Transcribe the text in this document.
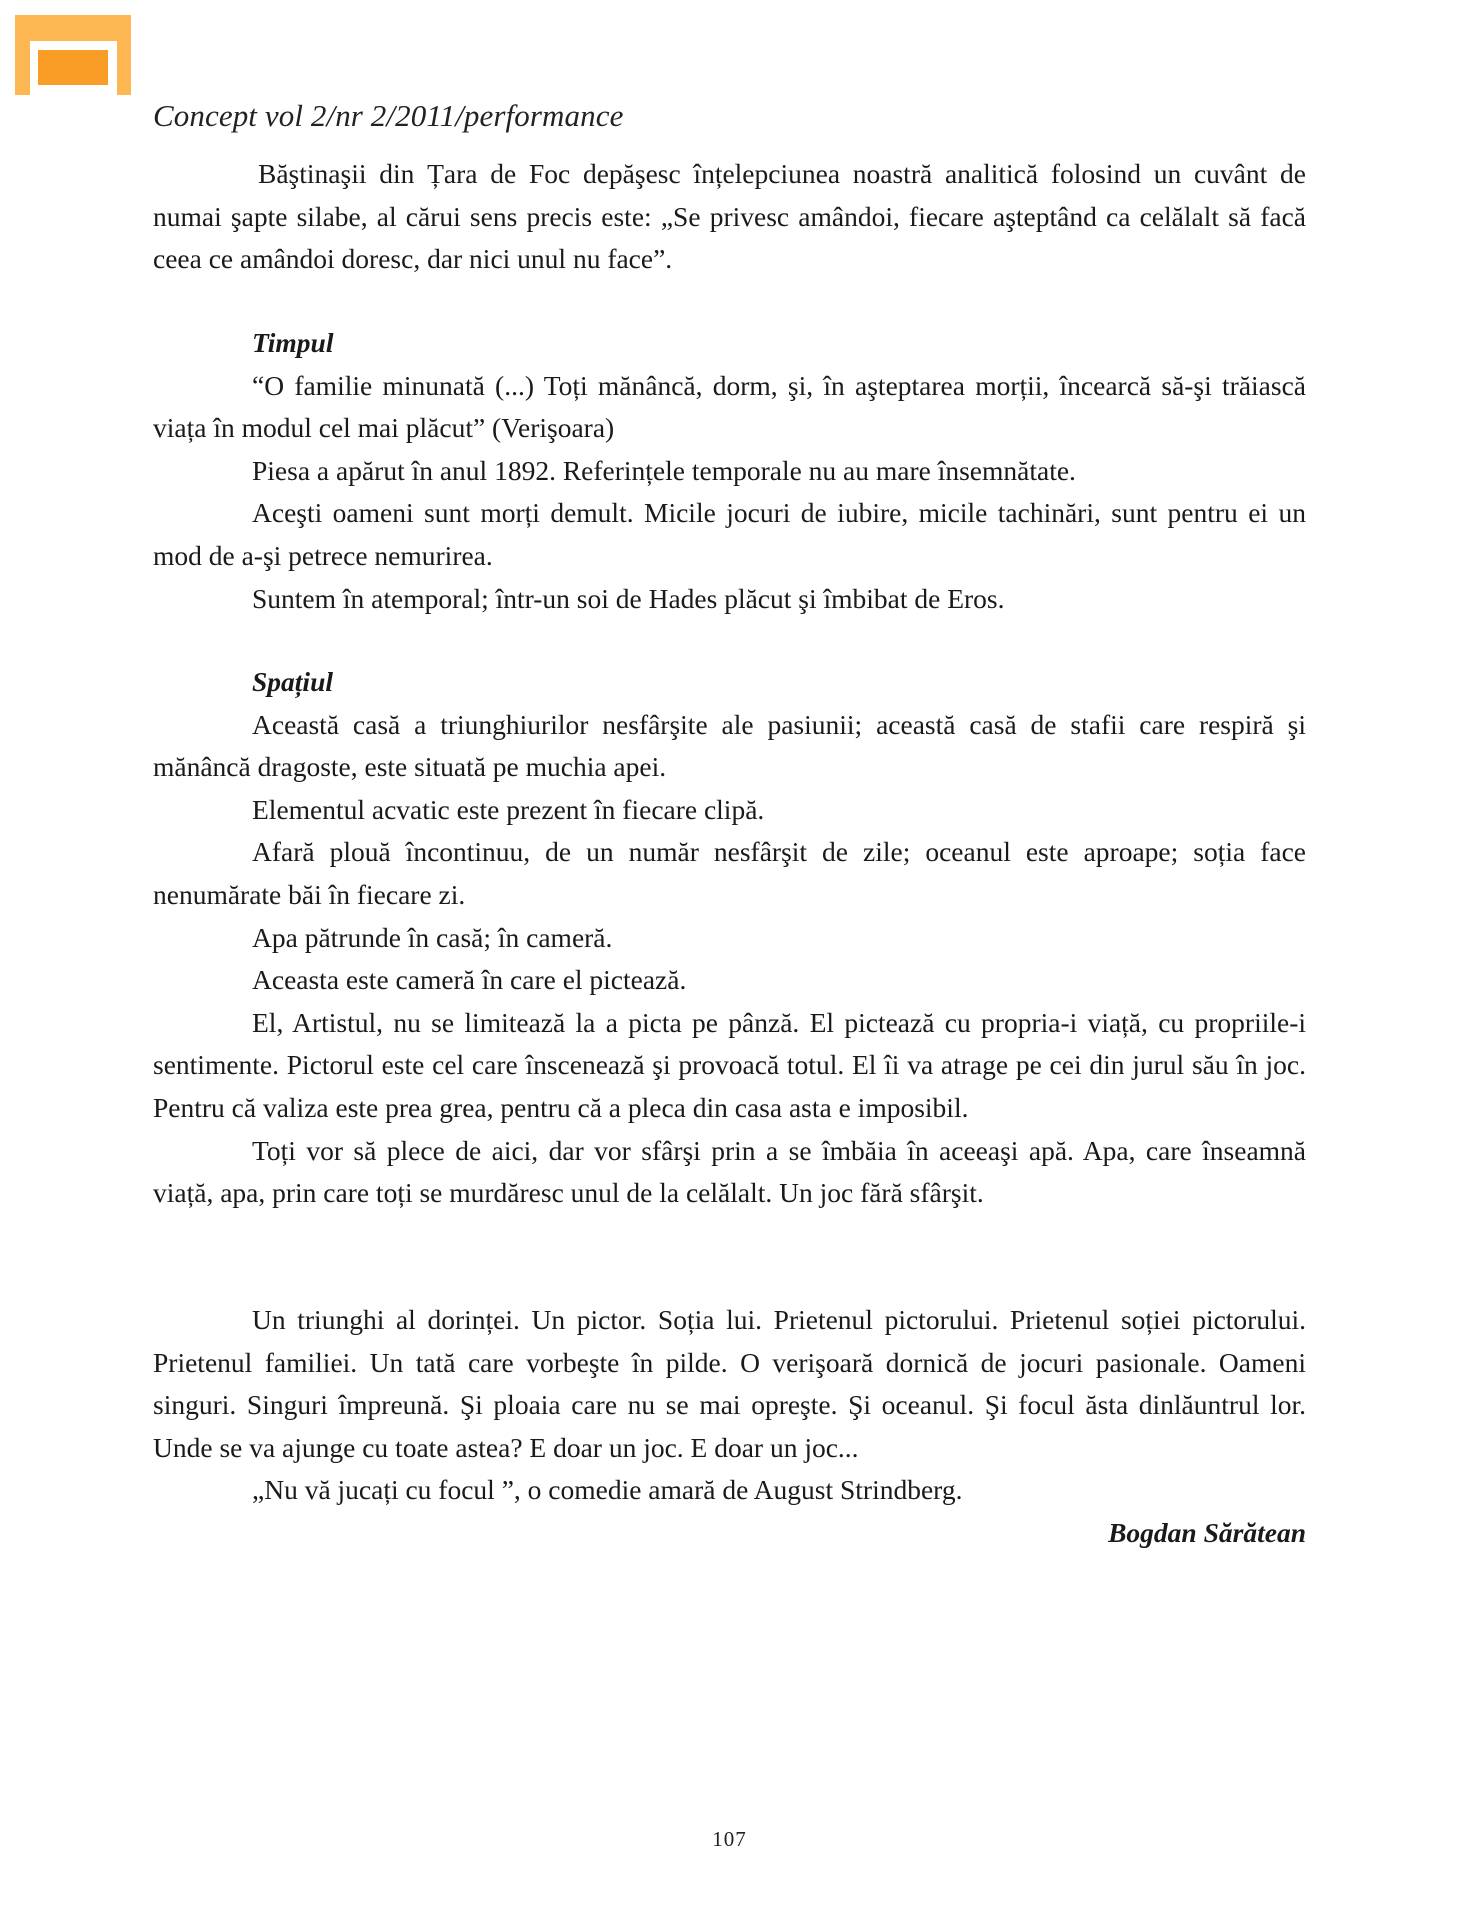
Concept vol 2/nr 2/2011/performance

Băştinaşii din Țara de Foc depăşesc înțelepciunea noastră analitică folosind un cuvânt de numai şapte silabe, al cărui sens precis este: „Se privesc amândoi, fiecare aşteptând ca celălalt să facă ceea ce amândoi doresc, dar nici unul nu face”.

Timpul

“O familie minunată (...) Toți mănâncă, dorm, şi, în aşteptarea morții, încearcă să-şi trăiască viața în modul cel mai plăcut” (Verişoara)

Piesa a apărut în anul 1892. Referințele temporale nu au mare însemnătate.

Aceşti oameni sunt morți demult. Micile jocuri de iubire, micile tachinări, sunt pentru ei un mod de a-şi petrece nemurirea.

Suntem în atemporal; într-un soi de Hades plăcut şi îmbibat de Eros.

Spațiul

Această casă a triunghiurilor nesfârşite ale pasiunii; această casă de stafii care respiră şi mănâncă dragoste, este situată pe muchia apei.

Elementul acvatic este prezent în fiecare clipă.

Afară plouă încontinuu, de un număr nesfârşit de zile; oceanul este aproape; soția face nenumărate băi în fiecare zi.

Apa pătrunde în casă; în cameră.

Aceasta este cameră în care el pictează.

El, Artistul, nu se limitează la a picta pe pânză. El pictează cu propria-i viață, cu propriile-i sentimente. Pictorul este cel care înscenează şi provoacă totul. El îi va atrage pe cei din jurul său în joc. Pentru că valiza este prea grea, pentru că a pleca din casa asta e imposibil.

Toți vor să plece de aici, dar vor sfârşi prin a se îmbăia în aceeaşi apă. Apa, care înseamnă viață, apa, prin care toți se murdăresc unul de la celălalt. Un joc fără sfârşit.

Un triunghi al dorinței. Un pictor. Soția lui. Prietenul pictorului. Prietenul soției pictorului. Prietenul familiei. Un tată care vorbeşte în pilde. O verişoară dornică de jocuri pasionale. Oameni singuri. Singuri împreună. Şi ploaia care nu se mai opreşte. Şi oceanul. Şi focul ăsta dinlăuntrul lor. Unde se va ajunge cu toate astea? E doar un joc. E doar un joc...

„Nu vă jucați cu focul ”, o comedie amară de August Strindberg.

Bogdan Sărătean

107
